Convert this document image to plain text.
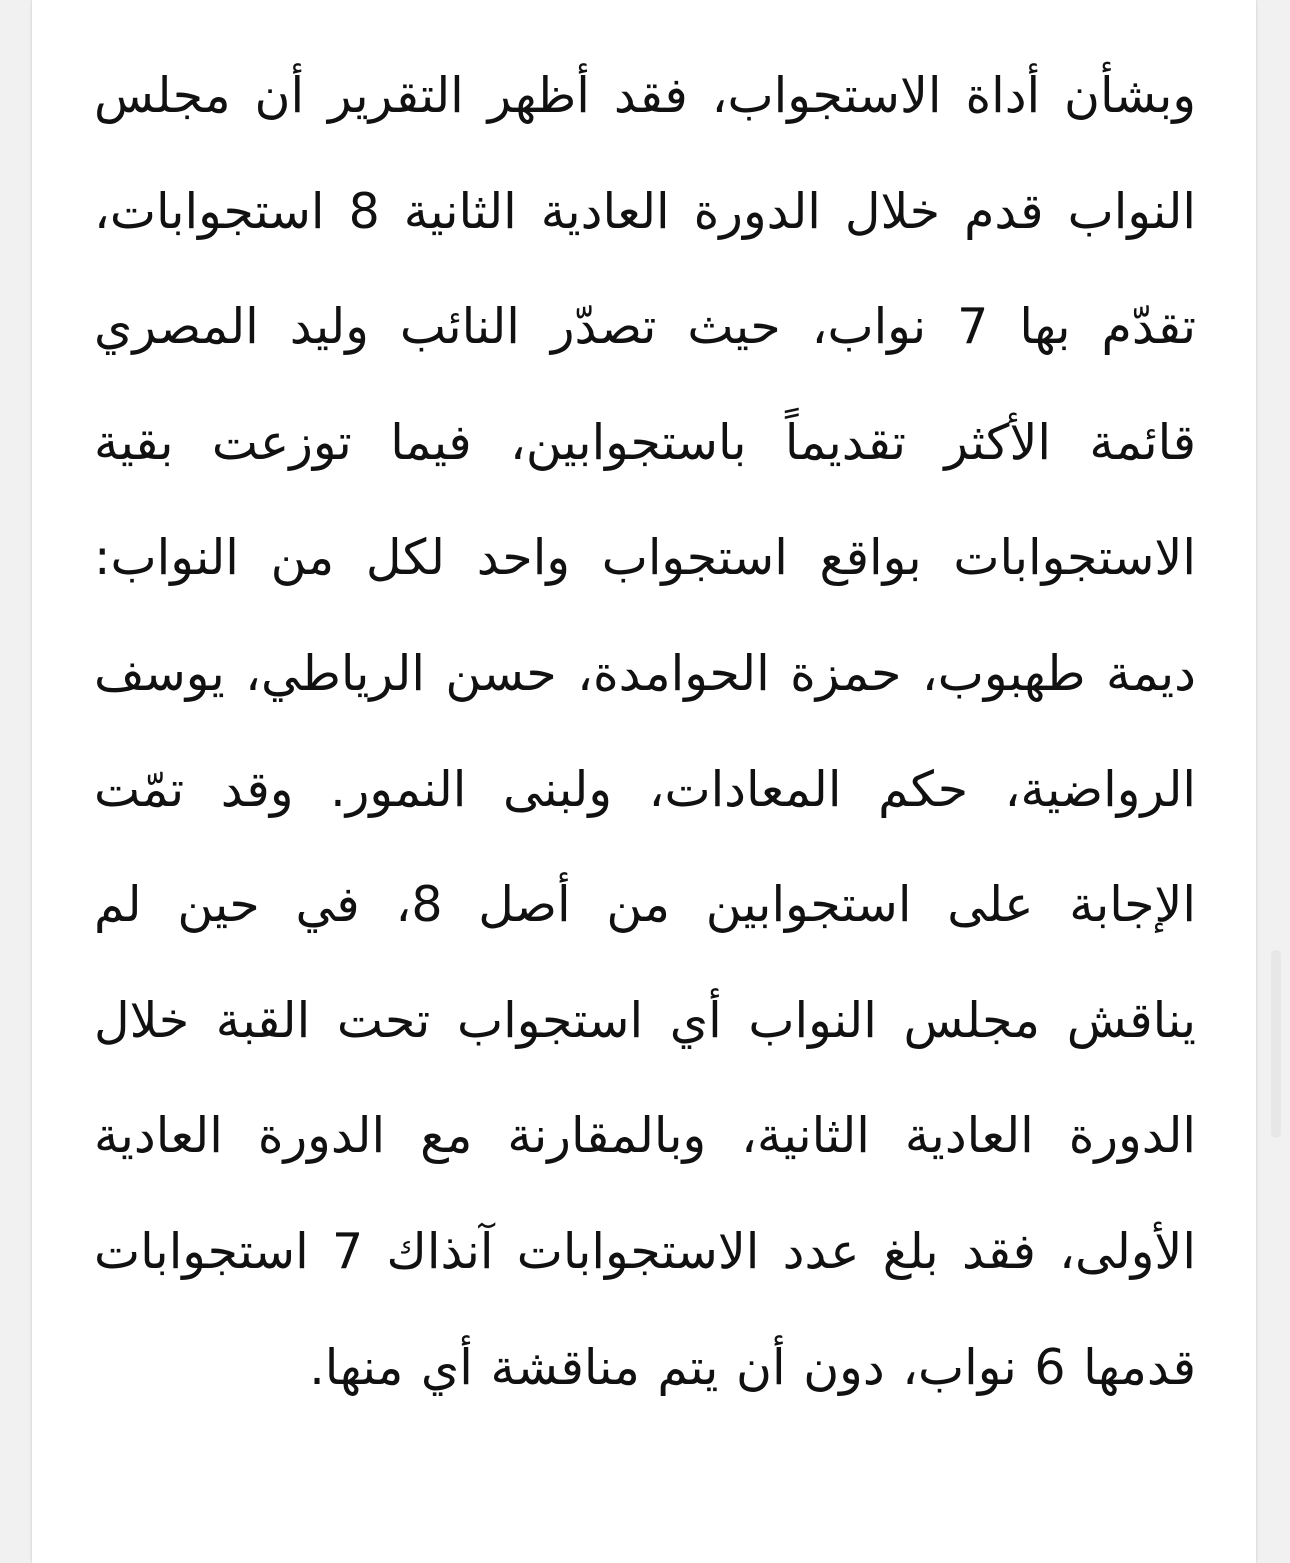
وبشأن أداة الاستجواب، فقد أظهر التقرير أن مجلس النواب قدم خلال الدورة العادية الثانية 8 استجوابات، تقدّم بها 7 نواب، حيث تصدّر النائب وليد المصري قائمة الأكثر تقديماً باستجوابين، فيما توزعت بقية الاستجوابات بواقع استجواب واحد لكل من النواب: ديمة طهبوب، حمزة الحوامدة، حسن الرياطي، يوسف الرواضية، حكم المعادات، ولبنى النمور. وقد تمّت الإجابة على استجوابين من أصل 8، في حين لم يناقش مجلس النواب أي استجواب تحت القبة خلال الدورة العادية الثانية، وبالمقارنة مع الدورة العادية الأولى، فقد بلغ عدد الاستجوابات آنذاك 7 استجوابات قدمها 6 نواب، دون أن يتم مناقشة أي منها.
